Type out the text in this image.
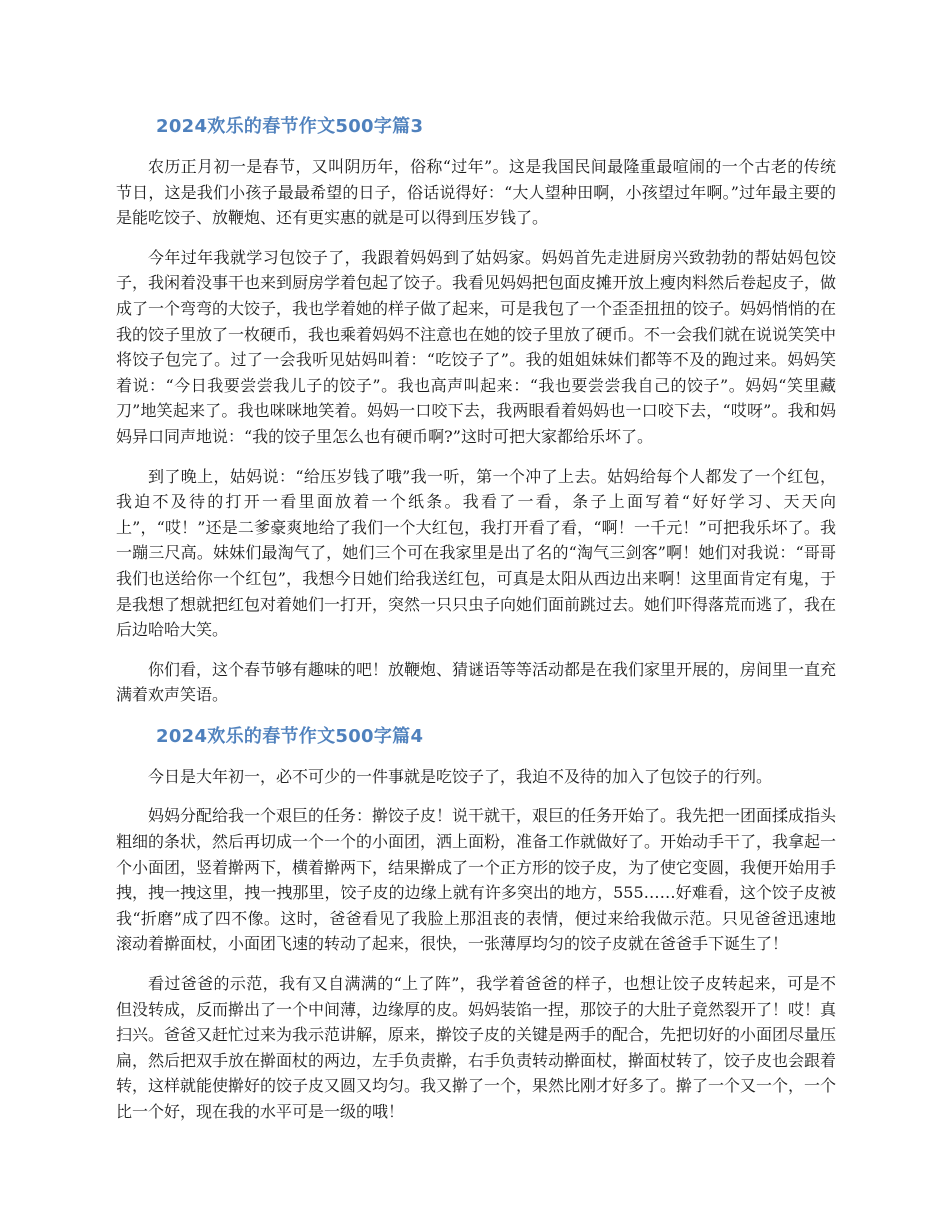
2024欢乐的春节作文500字篇3

农历正月初一是春节，又叫阴历年，俗称“过年”。这是我国民间最隆重最喧闹的一个古老的传统节日，这是我们小孩子最最希望的日子，俗话说得好：“大人望种田啊，小孩望过年啊。”过年最主要的是能吃饺子、放鞭炮、还有更实惠的就是可以得到压岁钱了。

今年过年我就学习包饺子了，我跟着妈妈到了姑妈家。妈妈首先走进厨房兴致勃勃的帮姑妈包饺子，我闲着没事干也来到厨房学着包起了饺子。我看见妈妈把包面皮摊开放上瘦肉料然后卷起皮子，做成了一个弯弯的大饺子，我也学着她的样子做了起来，可是我包了一个歪歪扭扭的饺子。妈妈悄悄的在我的饺子里放了一枚硬币，我也乘着妈妈不注意也在她的饺子里放了硬币。不一会我们就在说说笑笑中将饺子包完了。过了一会我听见姑妈叫着：“吃饺子了”。我的姐姐妹妹们都等不及的跑过来。妈妈笑着说：“今日我要尝尝我儿子的饺子”。我也高声叫起来：“我也要尝尝我自己的饺子”。妈妈“笑里藏刀”地笑起来了。我也咪咪地笑着。妈妈一口咬下去，我两眼看着妈妈也一口咬下去，“哎呀”。我和妈妈异口同声地说：“我的饺子里怎么也有硬币啊?”这时可把大家都给乐坏了。

到了晚上，姑妈说：“给压岁钱了哦”我一听，第一个冲了上去。姑妈给每个人都发了一个红包，我迫不及待的打开一看里面放着一个纸条。我看了一看，条子上面写着“好好学习、天天向上”，“哎！”还是二爹豪爽地给了我们一个大红包，我打开看了看，“啊！一千元！”可把我乐坏了。我一蹦三尺高。妹妹们最淘气了，她们三个可在我家里是出了名的“淘气三剑客”啊！她们对我说：“哥哥我们也送给你一个红包”，我想今日她们给我送红包，可真是太阳从西边出来啊！这里面肯定有鬼，于是我想了想就把红包对着她们一打开，突然一只只虫子向她们面前跳过去。她们吓得落荒而逃了，我在后边哈哈大笑。

你们看，这个春节够有趣味的吧！放鞭炮、猜谜语等等活动都是在我们家里开展的，房间里一直充满着欢声笑语。

2024欢乐的春节作文500字篇4

今日是大年初一，必不可少的一件事就是吃饺子了，我迫不及待的加入了包饺子的行列。

妈妈分配给我一个艰巨的任务：擀饺子皮！说干就干，艰巨的任务开始了。我先把一团面揉成指头粗细的条状，然后再切成一个一个的小面团，洒上面粉，准备工作就做好了。开始动手干了，我拿起一个小面团，竖着擀两下，横着擀两下，结果擀成了一个正方形的饺子皮，为了使它变圆，我便开始用手拽，拽一拽这里，拽一拽那里，饺子皮的边缘上就有许多突出的地方，555……好难看，这个饺子皮被我“折磨”成了四不像。这时，爸爸看见了我脸上那沮丧的表情，便过来给我做示范。只见爸爸迅速地滚动着擀面杖，小面团飞速的转动了起来，很快，一张薄厚均匀的饺子皮就在爸爸手下诞生了！

看过爸爸的示范，我有又自满满的“上了阵”，我学着爸爸的样子，也想让饺子皮转起来，可是不但没转成，反而擀出了一个中间薄，边缘厚的皮。妈妈装馅一捏，那饺子的大肚子竟然裂开了！哎！真扫兴。爸爸又赶忙过来为我示范讲解，原来，擀饺子皮的关键是两手的配合，先把切好的小面团尽量压扁，然后把双手放在擀面杖的两边，左手负责擀，右手负责转动擀面杖，擀面杖转了，饺子皮也会跟着转，这样就能使擀好的饺子皮又圆又均匀。我又擀了一个，果然比刚才好多了。擀了一个又一个，一个比一个好，现在我的水平可是一级的哦！
